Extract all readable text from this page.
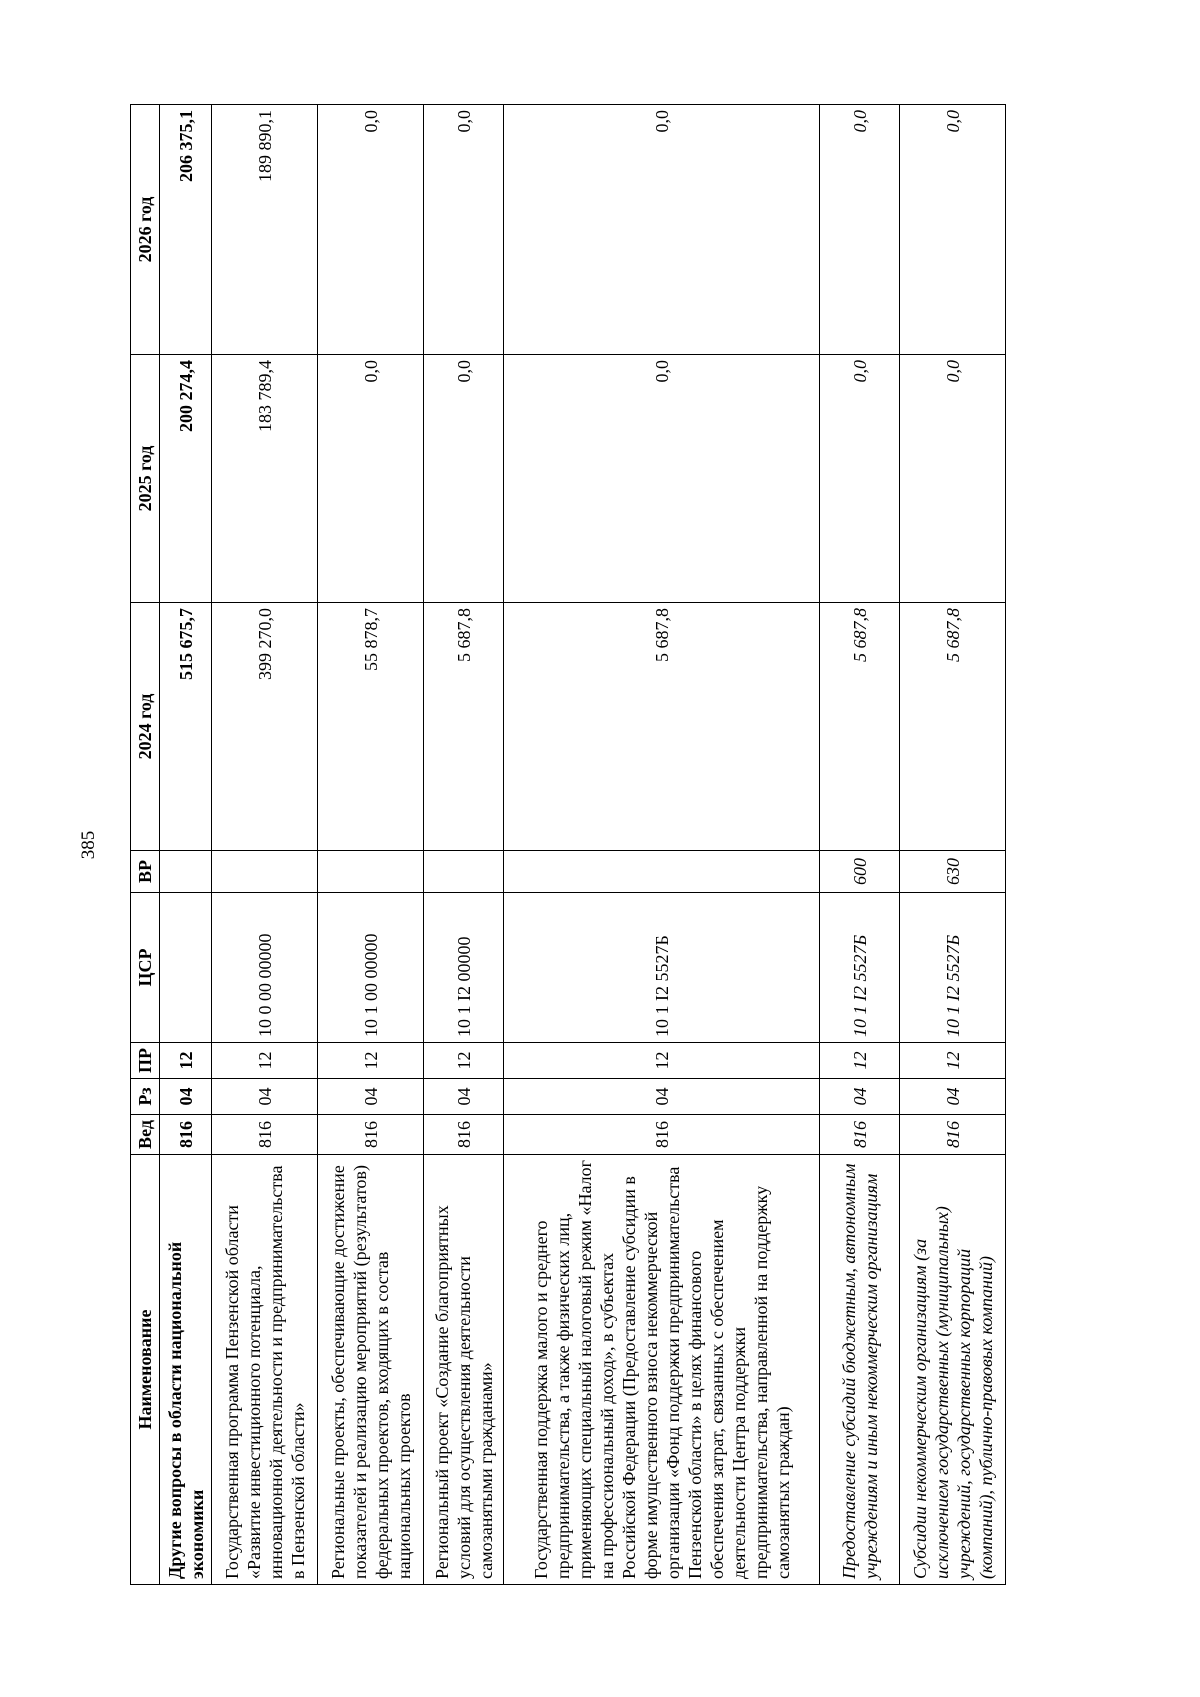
385
Наименование	Вед	Рз	ПР	ЦСР	ВР	2024 год	2025 год	2026 год
Другие вопросы в области национальной экономики	816	04	12			515 675,7	200 274,4	206 375,1
Государственная программа Пензенской области «Развитие инвестиционного потенциала, инновационной деятельности и предпринимательства в Пензенской области»	816	04	12	10 0 00 00000		399 270,0	183 789,4	189 890,1
Региональные проекты, обеспечивающие достижение показателей и реализацию мероприятий (результатов) федеральных проектов, входящих в состав национальных проектов	816	04	12	10 1 00 00000		55 878,7	0,0	0,0
Региональный проект «Создание благоприятных условий для осуществления деятельности самозанятыми гражданами»	816	04	12	10 1 I2 00000		5 687,8	0,0	0,0
Государственная поддержка малого и среднего предпринимательства, а также физических лиц, применяющих специальный налоговый режим «Налог на профессиональный доход», в субъектах Российской Федерации (Предоставление субсидии в форме имущественного взноса некоммерческой организации «Фонд поддержки предпринимательства Пензенской области» в целях финансового обеспечения затрат, связанных с обеспечением деятельности Центра поддержки предпринимательства, направленной на поддержку самозанятых граждан)	816	04	12	10 1 I2 5527Б		5 687,8	0,0	0,0
Предоставление субсидий бюджетным, автономным учреждениям и иным некоммерческим организациям	816	04	12	10 1 I2 5527Б	600	5 687,8	0,0	0,0
Субсидии некоммерческим организациям (за исключением государственных (муниципальных) учреждений, государственных корпораций (компаний), публично-правовых компаний)	816	04	12	10 1 I2 5527Б	630	5 687,8	0,0	0,0
